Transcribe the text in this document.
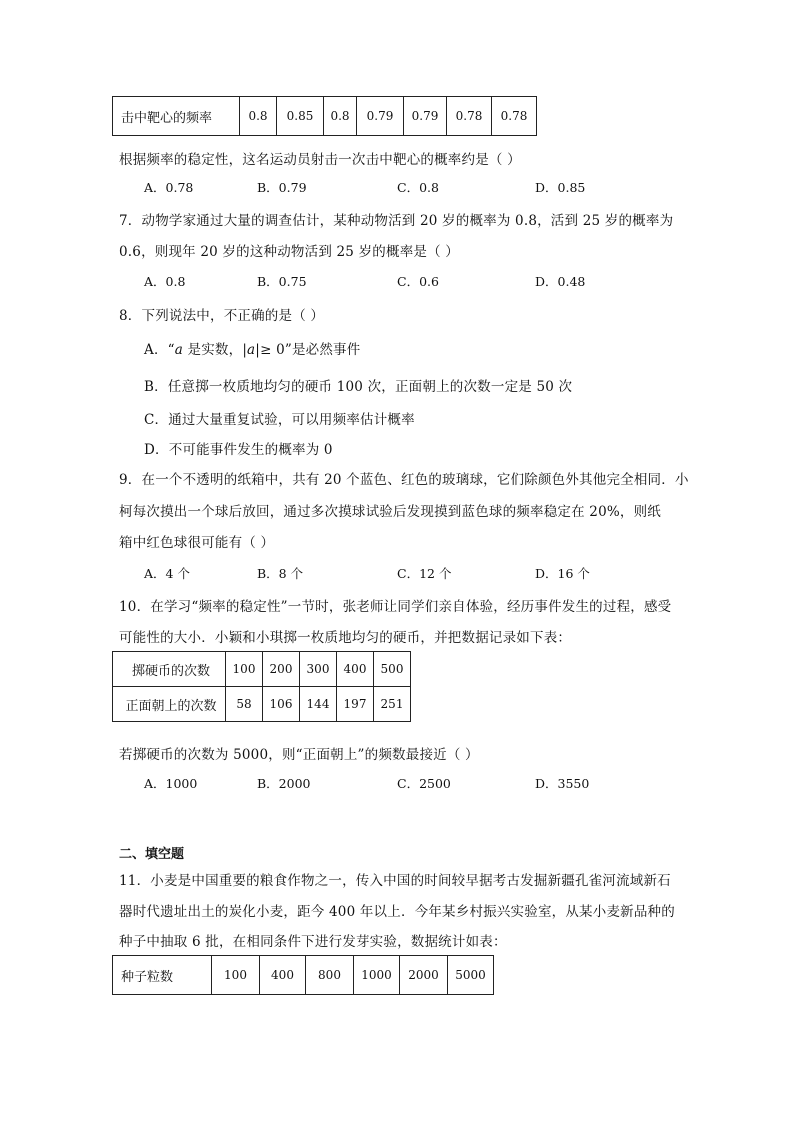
击中靶心的频率	0.8	0.85	0.8	0.79	0.79	0.78	0.78
根据频率的稳定性，这名运动员射击一次击中靶心的概率约是（ ）
A．0.78	B．0.79	C．0.8	D．0.85
7．动物学家通过大量的调查估计，某种动物活到 20 岁的概率为 0.8，活到 25 岁的概率为
0.6，则现年 20 岁的这种动物活到 25 岁的概率是（ ）
A．0.8	B．0.75	C．0.6	D．0.48
8．下列说法中，不正确的是（ ）
A．“a 是实数，|a|≥ 0”是必然事件
B．任意掷一枚质地均匀的硬币 100 次，正面朝上的次数一定是 50 次
C．通过大量重复试验，可以用频率估计概率
D．不可能事件发生的概率为 0
9．在一个不透明的纸箱中，共有 20 个蓝色、红色的玻璃球，它们除颜色外其他完全相同．小
柯每次摸出一个球后放回，通过多次摸球试验后发现摸到蓝色球的频率稳定在 20%，则纸
箱中红色球很可能有（ ）
A．4 个	B．8 个	C．12 个	D．16 个
10．在学习“频率的稳定性”一节时，张老师让同学们亲自体验，经历事件发生的过程，感受
可能性的大小．小颖和小琪掷一枚质地均匀的硬币，并把数据记录如下表：
掷硬币的次数	100	200	300	400	500
正面朝上的次数	58	106	144	197	251
若掷硬币的次数为 5000，则“正面朝上”的频数最接近（ ）
A．1000	B．2000	C．2500	D．3550
二、填空题
11．小麦是中国重要的粮食作物之一，传入中国的时间较早据考古发掘新疆孔雀河流域新石
器时代遗址出土的炭化小麦，距今 400 年以上．今年某乡村振兴实验室，从某小麦新品种的
种子中抽取 6 批，在相同条件下进行发芽实验，数据统计如表：
种子粒数	100	400	800	1000	2000	5000
